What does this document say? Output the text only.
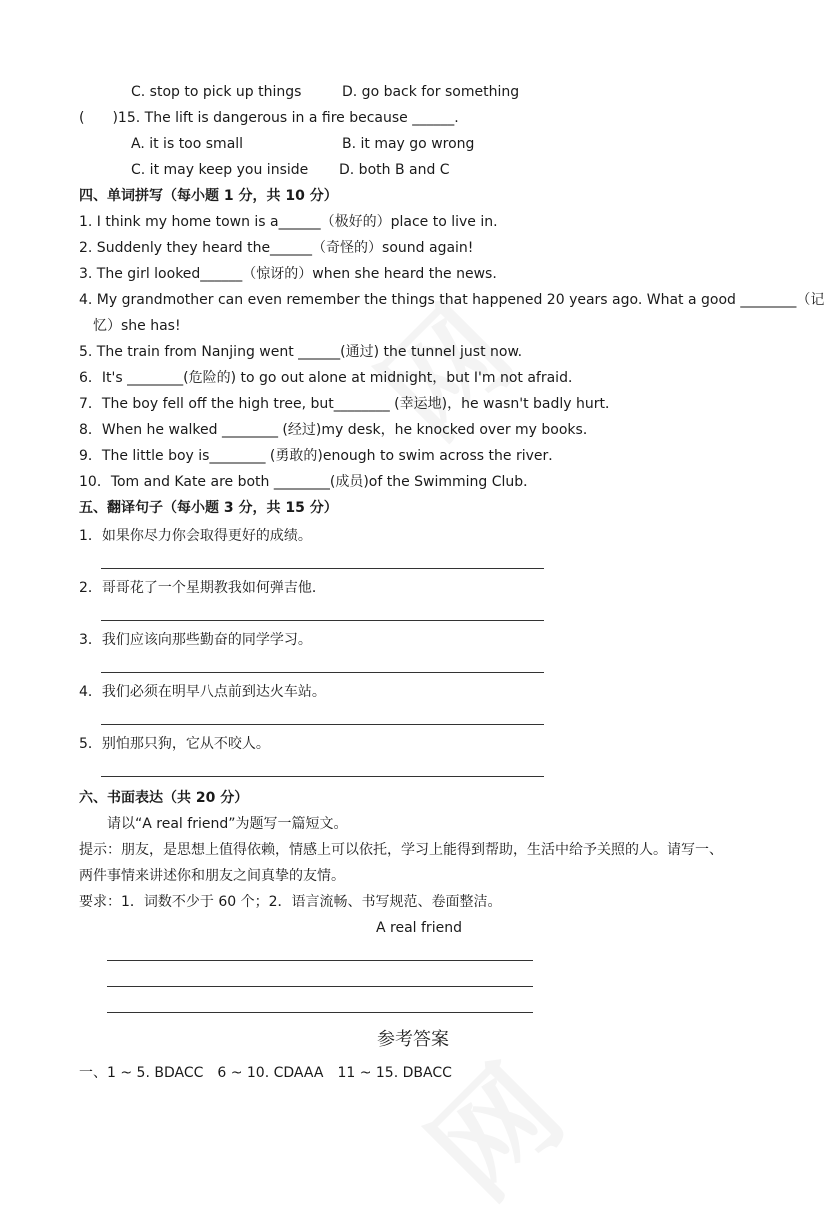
C. stop to pick up things	D. go back for something
(　　)15. The lift is dangerous in a fire because ______.
A. it is too small	B. it may go wrong
C. it may keep you inside D. both B and C
四、单词拼写（每小题 1 分，共 10 分）
1. I think my home town is a______（极好的）place to live in.
2. Suddenly they heard the______（奇怪的）sound again!
3. The girl looked______（惊讶的）when she heard the news.
4. My grandmother can even remember the things that happened 20 years ago. What a good ________（记
忆）she has!
5. The train from Nanjing went ______(通过) the tunnel just now.
6．It's ________(危险的) to go out alone at midnight，but I'm not afraid．
7．The boy fell off the high tree, but________ (幸运地)，he wasn't badly hurt．
8．When he walked ________ (经过)my desk，he knocked over my books．
9．The little boy is________ (勇敢的)enough to swim across the river．
10．Tom and Kate are both ________(成员)of the Swimming Club．
五、翻译句子（每小题 3 分，共 15 分）
1．如果你尽力你会取得更好的成绩。
2．哥哥花了一个星期教我如何弹吉他．
3．我们应该向那些勤奋的同学学习。
4．我们必须在明早八点前到达火车站。
5．别怕那只狗，它从不咬人。
六、书面表达（共 20 分）
请以“A real friend”为题写一篇短文。
提示：朋友，是思想上值得依赖，情感上可以依托，学习上能得到帮助，生活中给予关照的人。请写一、
两件事情来讲述你和朋友之间真挚的友情。
要求：1．词数不少于 60 个；2．语言流畅、书写规范、卷面整洁。
A real friend
参考答案
一、1 ~ 5. BDACC　6 ~ 10. CDAAA　11 ~ 15. DBACC
